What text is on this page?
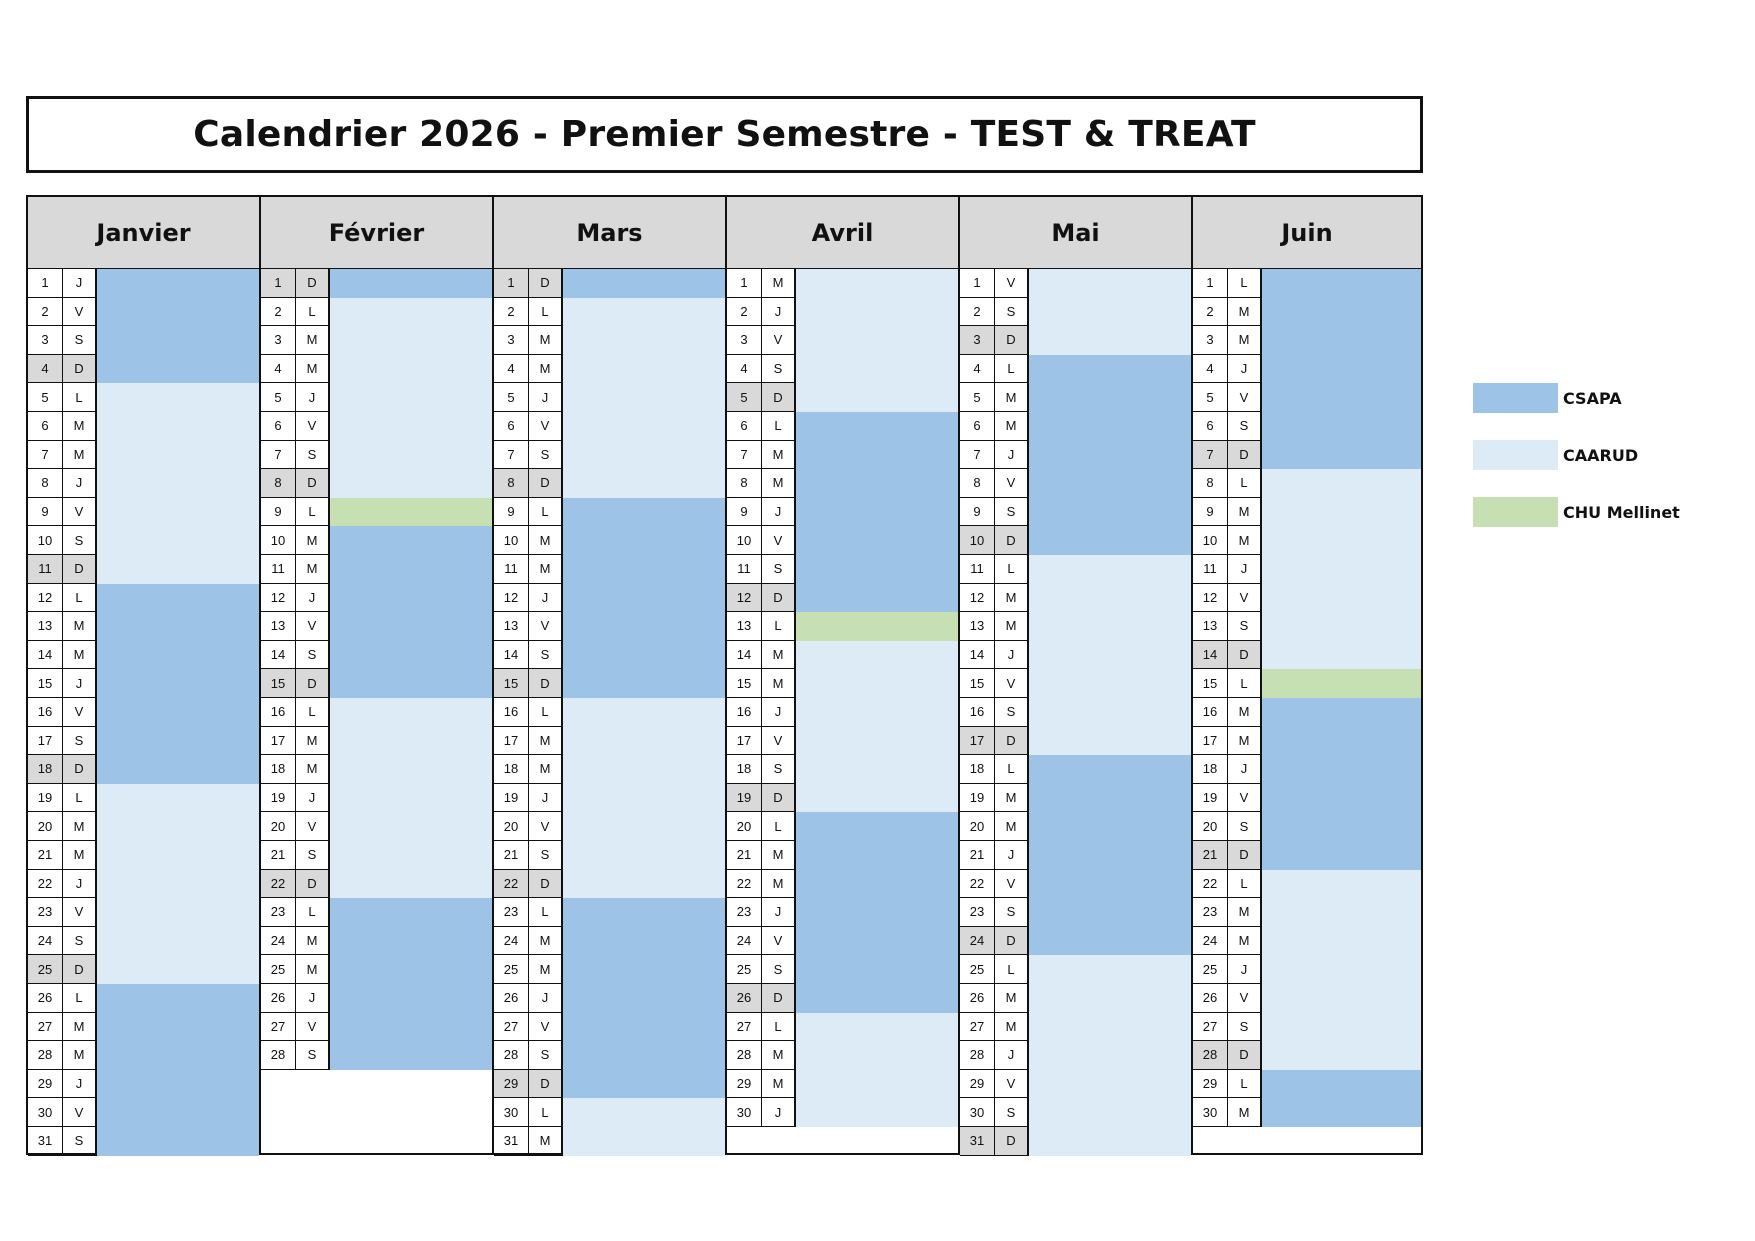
Calendrier 2026 - Premier Semestre - TEST & TREAT
Janvier
1	J
2	V
3	S
4	D
5	L
6	M
7	M
8	J
9	V
10	S
11	D
12	L
13	M
14	M
15	J
16	V
17	S
18	D
19	L
20	M
21	M
22	J
23	V
24	S
25	D
26	L
27	M
28	M
29	J
30	V
31	S
Février
1	D
2	L
3	M
4	M
5	J
6	V
7	S
8	D
9	L
10	M
11	M
12	J
13	V
14	S
15	D
16	L
17	M
18	M
19	J
20	V
21	S
22	D
23	L
24	M
25	M
26	J
27	V
28	S
Mars
1	D
2	L
3	M
4	M
5	J
6	V
7	S
8	D
9	L
10	M
11	M
12	J
13	V
14	S
15	D
16	L
17	M
18	M
19	J
20	V
21	S
22	D
23	L
24	M
25	M
26	J
27	V
28	S
29	D
30	L
31	M
Avril
1	M
2	J
3	V
4	S
5	D
6	L
7	M
8	M
9	J
10	V
11	S
12	D
13	L
14	M
15	M
16	J
17	V
18	S
19	D
20	L
21	M
22	M
23	J
24	V
25	S
26	D
27	L
28	M
29	M
30	J
Mai
1	V
2	S
3	D
4	L
5	M
6	M
7	J
8	V
9	S
10	D
11	L
12	M
13	M
14	J
15	V
16	S
17	D
18	L
19	M
20	M
21	J
22	V
23	S
24	D
25	L
26	M
27	M
28	J
29	V
30	S
31	D
Juin
1	L
2	M
3	M
4	J
5	V
6	S
7	D
8	L
9	M
10	M
11	J
12	V
13	S
14	D
15	L
16	M
17	M
18	J
19	V
20	S
21	D
22	L
23	M
24	M
25	J
26	V
27	S
28	D
29	L
30	M
CSAPA
CAARUD
CHU Mellinet
